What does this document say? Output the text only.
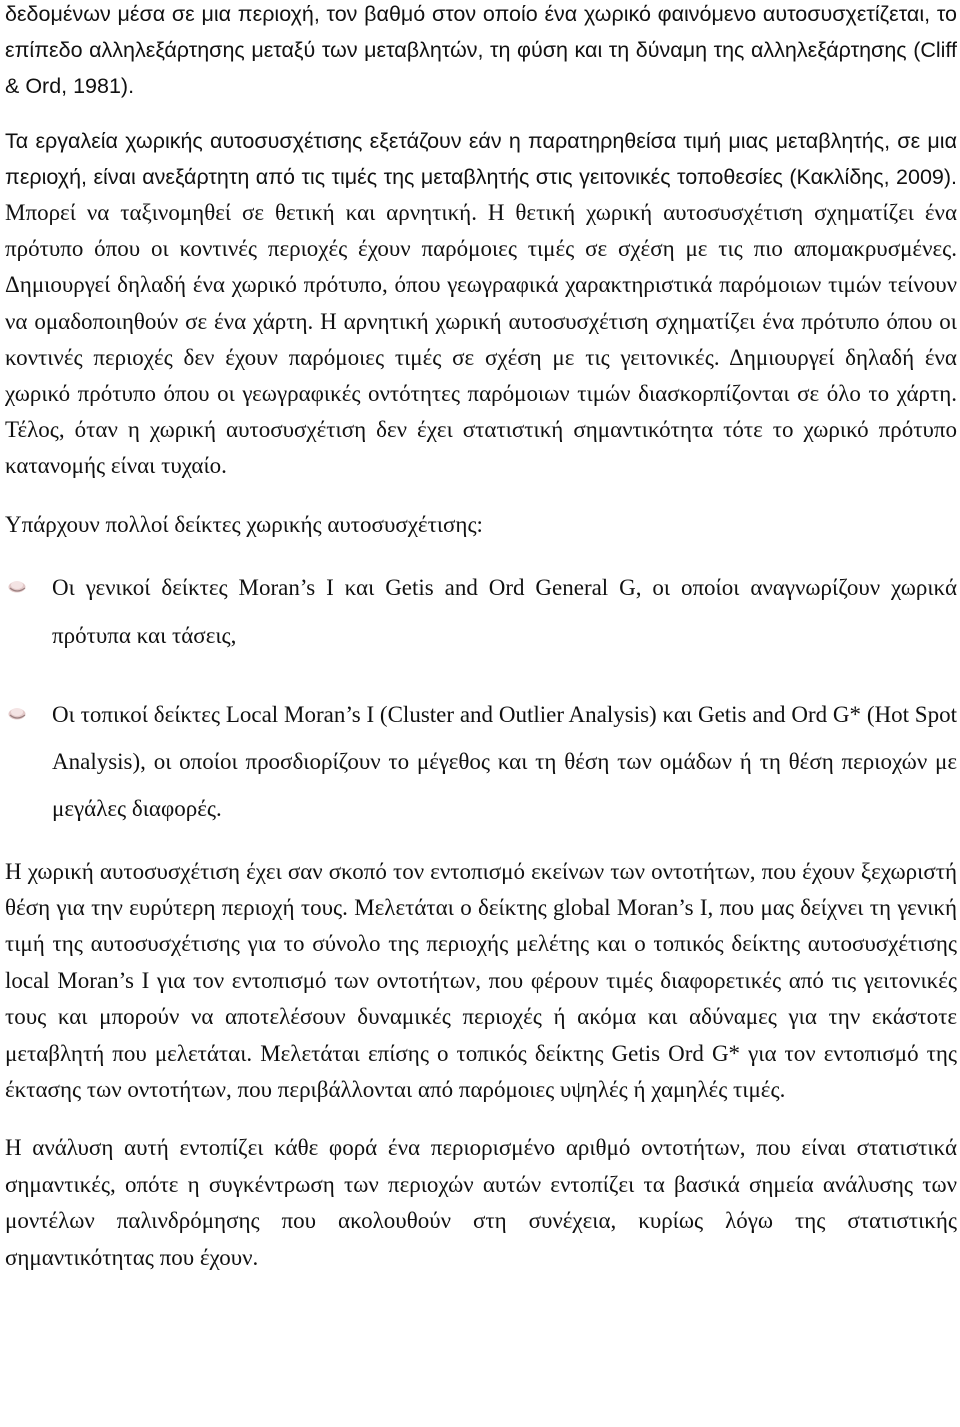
δεδομένων μέσα σε μια περιοχή, τον βαθμό στον οποίο ένα χωρικό φαινόμενο αυτοσυσχετίζεται, το επίπεδο αλληλεξάρτησης μεταξύ των μεταβλητών, τη φύση και τη δύναμη της αλληλεξάρτησης (Cliff & Ord, 1981).

Τα εργαλεία χωρικής αυτοσυσχέτισης εξετάζουν εάν η παρατηρηθείσα τιμή μιας μεταβλητής, σε μια περιοχή, είναι ανεξάρτητη από τις τιμές της μεταβλητής στις γειτονικές τοποθεσίες (Κακλίδης, 2009). Μπορεί να ταξινομηθεί σε θετική και αρνητική. Η θετική χωρική αυτοσυσχέτιση σχηματίζει ένα πρότυπο όπου οι κοντινές περιοχές έχουν παρόμοιες τιμές σε σχέση με τις πιο απομακρυσμένες. Δημιουργεί δηλαδή ένα χωρικό πρότυπο, όπου γεωγραφικά χαρακτηριστικά παρόμοιων τιμών τείνουν να ομαδοποιηθούν σε ένα χάρτη. Η αρνητική χωρική αυτοσυσχέτιση σχηματίζει ένα πρότυπο όπου οι κοντινές περιοχές δεν έχουν παρόμοιες τιμές σε σχέση με τις γειτονικές. Δημιουργεί δηλαδή ένα χωρικό πρότυπο όπου οι γεωγραφικές οντότητες παρόμοιων τιμών διασκορπίζονται σε όλο το χάρτη. Τέλος, όταν η χωρική αυτοσυσχέτιση δεν έχει στατιστική σημαντικότητα τότε το χωρικό πρότυπο κατανομής είναι τυχαίο.

Υπάρχουν πολλοί δείκτες χωρικής αυτοσυσχέτισης:

Οι γενικοί δείκτες Moran’s I και Getis and Ord General G, οι οποίοι αναγνωρίζουν χωρικά πρότυπα και τάσεις,
Οι τοπικοί δείκτες Local Moran’s I (Cluster and Outlier Analysis) και Getis and Ord G* (Hot Spot Analysis), οι οποίοι προσδιορίζουν το μέγεθος και τη θέση των ομάδων ή τη θέση περιοχών με μεγάλες διαφορές.

Η χωρική αυτοσυσχέτιση έχει σαν σκοπό τον εντοπισμό εκείνων των οντοτήτων, που έχουν ξεχωριστή θέση για την ευρύτερη περιοχή τους. Μελετάται ο δείκτης global Moran’s I, που μας δείχνει τη γενική τιμή της αυτοσυσχέτισης για το σύνολο της περιοχής μελέτης και ο τοπικός δείκτης αυτοσυσχέτισης local Moran’s I για τον εντοπισμό των οντοτήτων, που φέρουν τιμές διαφορετικές από τις γειτονικές τους και μπορούν να αποτελέσουν δυναμικές περιοχές ή ακόμα και αδύναμες για την εκάστοτε μεταβλητή που μελετάται. Μελετάται επίσης ο τοπικός δείκτης Getis Ord G* για τον εντοπισμό της έκτασης των οντοτήτων, που περιβάλλονται από παρόμοιες υψηλές ή χαμηλές τιμές.

Η ανάλυση αυτή εντοπίζει κάθε φορά ένα περιορισμένο αριθμό οντοτήτων, που είναι στατιστικά σημαντικές, οπότε η συγκέντρωση των περιοχών αυτών εντοπίζει τα βασικά σημεία ανάλυσης των μοντέλων παλινδρόμησης που ακολουθούν στη συνέχεια, κυρίως λόγω της στατιστικής σημαντικότητας που έχουν.
